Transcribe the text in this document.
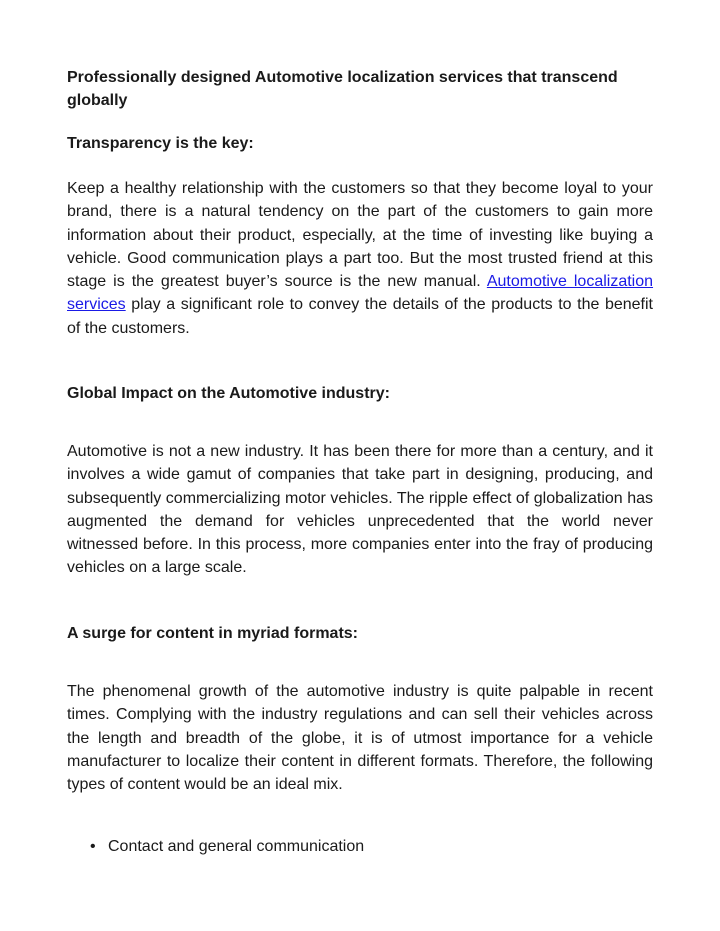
Professionally designed Automotive localization services that transcend globally
Transparency is the key:

Keep a healthy relationship with the customers so that they become loyal to your brand, there is a natural tendency on the part of the customers to gain more information about their product, especially, at the time of investing like buying a vehicle. Good communication plays a part too. But the most trusted friend at this stage is the greatest buyer’s source is the new manual. Automotive localization services play a significant role to convey the details of the products to the benefit of the customers.

Global Impact on the Automotive industry:

Automotive is not a new industry. It has been there for more than a century, and it involves a wide gamut of companies that take part in designing, producing, and subsequently commercializing motor vehicles. The ripple effect of globalization has augmented the demand for vehicles unprecedented that the world never witnessed before. In this process, more companies enter into the fray of producing vehicles on a large scale.

A surge for content in myriad formats:

The phenomenal growth of the automotive industry is quite palpable in recent times. Complying with the industry regulations and can sell their vehicles across the length and breadth of the globe, it is of utmost importance for a vehicle manufacturer to localize their content in different formats. Therefore, the following types of content would be an ideal mix.

• Contact and general communication
